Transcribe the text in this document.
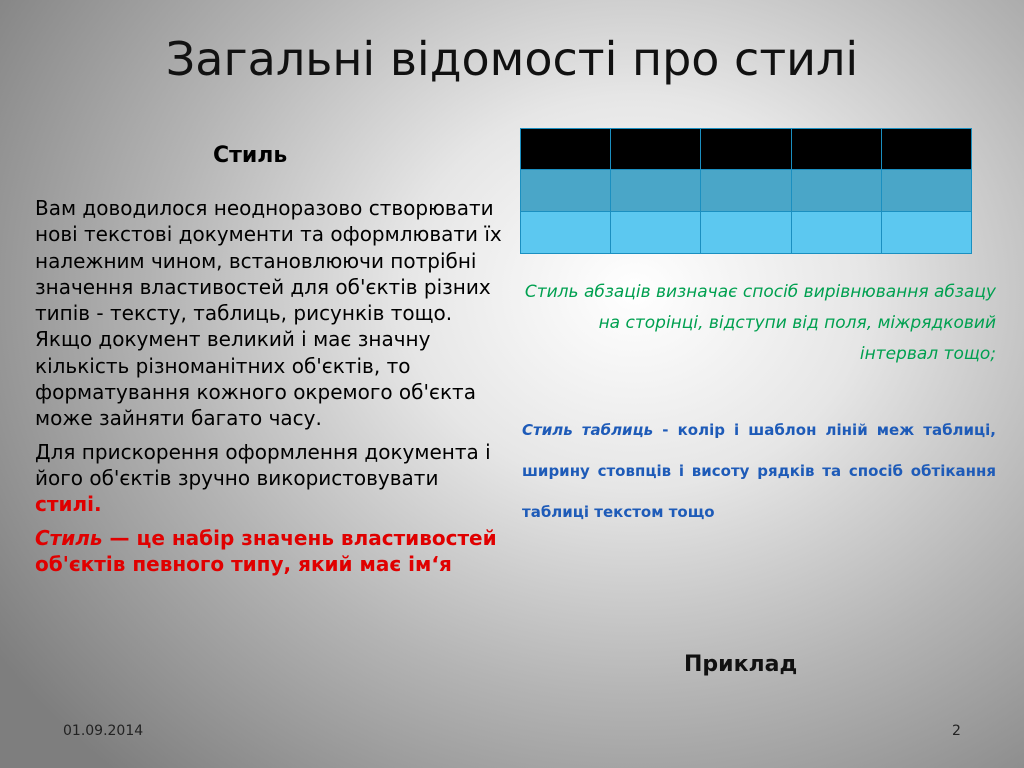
Загальні відомості про стилі
Стиль

Вам доводилося неодноразово створювати нові текстові документи та оформлювати їх належним чином, встановлюючи потрібні значення властивостей для об'єктів різних типів - тексту, таблиць, рисунків тощо. Якщо документ великий і має значну кількість різноманітних об'єктів, то форматування кожного окремого об'єкта може зайняти багато часу.

Для прискорення оформлення документа і його об'єктів зручно використовувати стилі.

Стиль — це набір значень властивостей об'єктів певного типу, який має ім‘я

Стиль абзаців визначає спосіб вирівнювання абзацу на сторінці, відступи від поля, міжрядковий інтервал тощо;
Стиль таблиць - колір і шаблон ліній меж таблиці, ширину стовпців і висоту рядків та спосіб обтікання таблиці текстом тощо
Приклад
01.09.2014	2
